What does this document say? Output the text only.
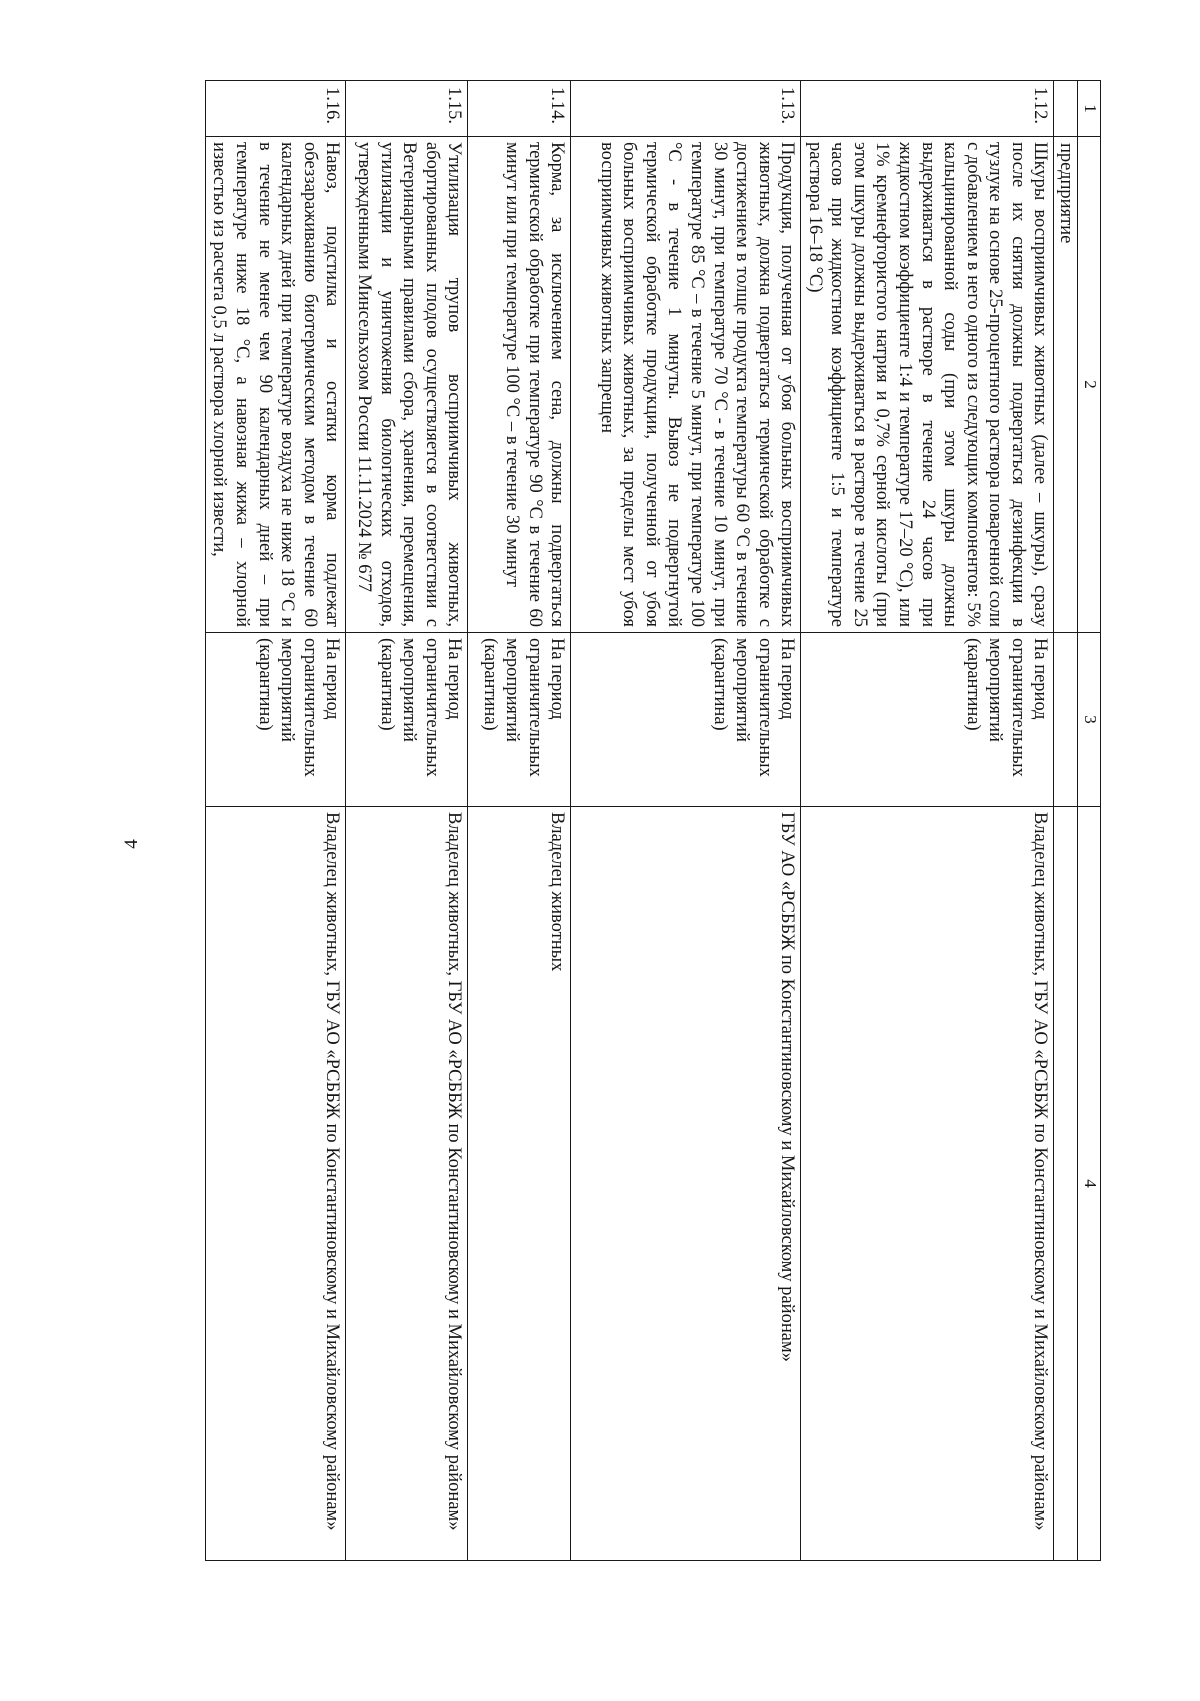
4
1	2	3	4
	предприятие		
1.12.	Шкуры восприимчивых животных (далее – шкуры), сразу после их снятия должны подвергаться дезинфекции в тузлуке на основе 25-процентного раствора поваренной соли с добавлением в него одного из следующих компонентов: 5% кальцинированной соды (при этом шкуры должны выдерживаться в растворе в течение 24 часов при жидкостном коэффициенте 1:4 и температуре 17–20 °С), или 1% кремнефтористого натрия и 0,7% серной кислоты (при этом шкуры должны выдерживаться в растворе в течение 25 часов при жидкостном коэффициенте 1:5 и температуре раствора 16–18 °С)	На период ограничительных мероприятий (карантина)	Владелец животных, ГБУ АО «РСББЖ по Константиновскому и Михайловскому районам»
1.13.	Продукция, полученная от убоя больных восприимчивых животных, должна подвергаться термической обработке с достижением в толще продукта температуры 60 °С в течение 30 минут, при температуре 70 °С - в течение 10 минут, при температуре 85 °С – в течение 5 минут, при температуре 100 °С - в течение 1 минуты. Вывоз не подвергнутой термической обработке продукции, полученной от убоя больных восприимчивых животных, за пределы мест убоя восприимчивых животных запрещен	На период ограничительных мероприятий (карантина)	ГБУ АО «РСББЖ по Константиновскому и Михайловскому районам»
1.14.	Корма, за исключением сена, должны подвергаться термической обработке при температуре 90 °С в течение 60 минут или при температуре 100 °С – в течение 30 минут	На период ограничительных мероприятий (карантина)	Владелец животных
1.15.	Утилизация трупов восприимчивых животных, абортированных плодов осуществляется в соответствии с Ветеринарными правилами сбора, хранения, перемещения, утилизации и уничтожения биологических отходов, утвержденными Минсельхозом России 11.11.2024 № 677	На период ограничительных мероприятий (карантина)	Владелец животных, ГБУ АО «РСББЖ по Константиновскому и Михайловскому районам»
1.16.	Навоз, подстилка и остатки корма подлежат обеззараживанию биотермическим методом в течение 60 календарных дней при температуре воздуха не ниже 18 °С и в течение не менее чем 90 календарных дней – при температуре ниже 18 °С, а навозная жижа – хлорной известью из расчета 0,5 л раствора хлорной извести,	На период ограничительных мероприятий (карантина)	Владелец животных, ГБУ АО «РСББЖ по Константиновскому и Михайловскому районам»
